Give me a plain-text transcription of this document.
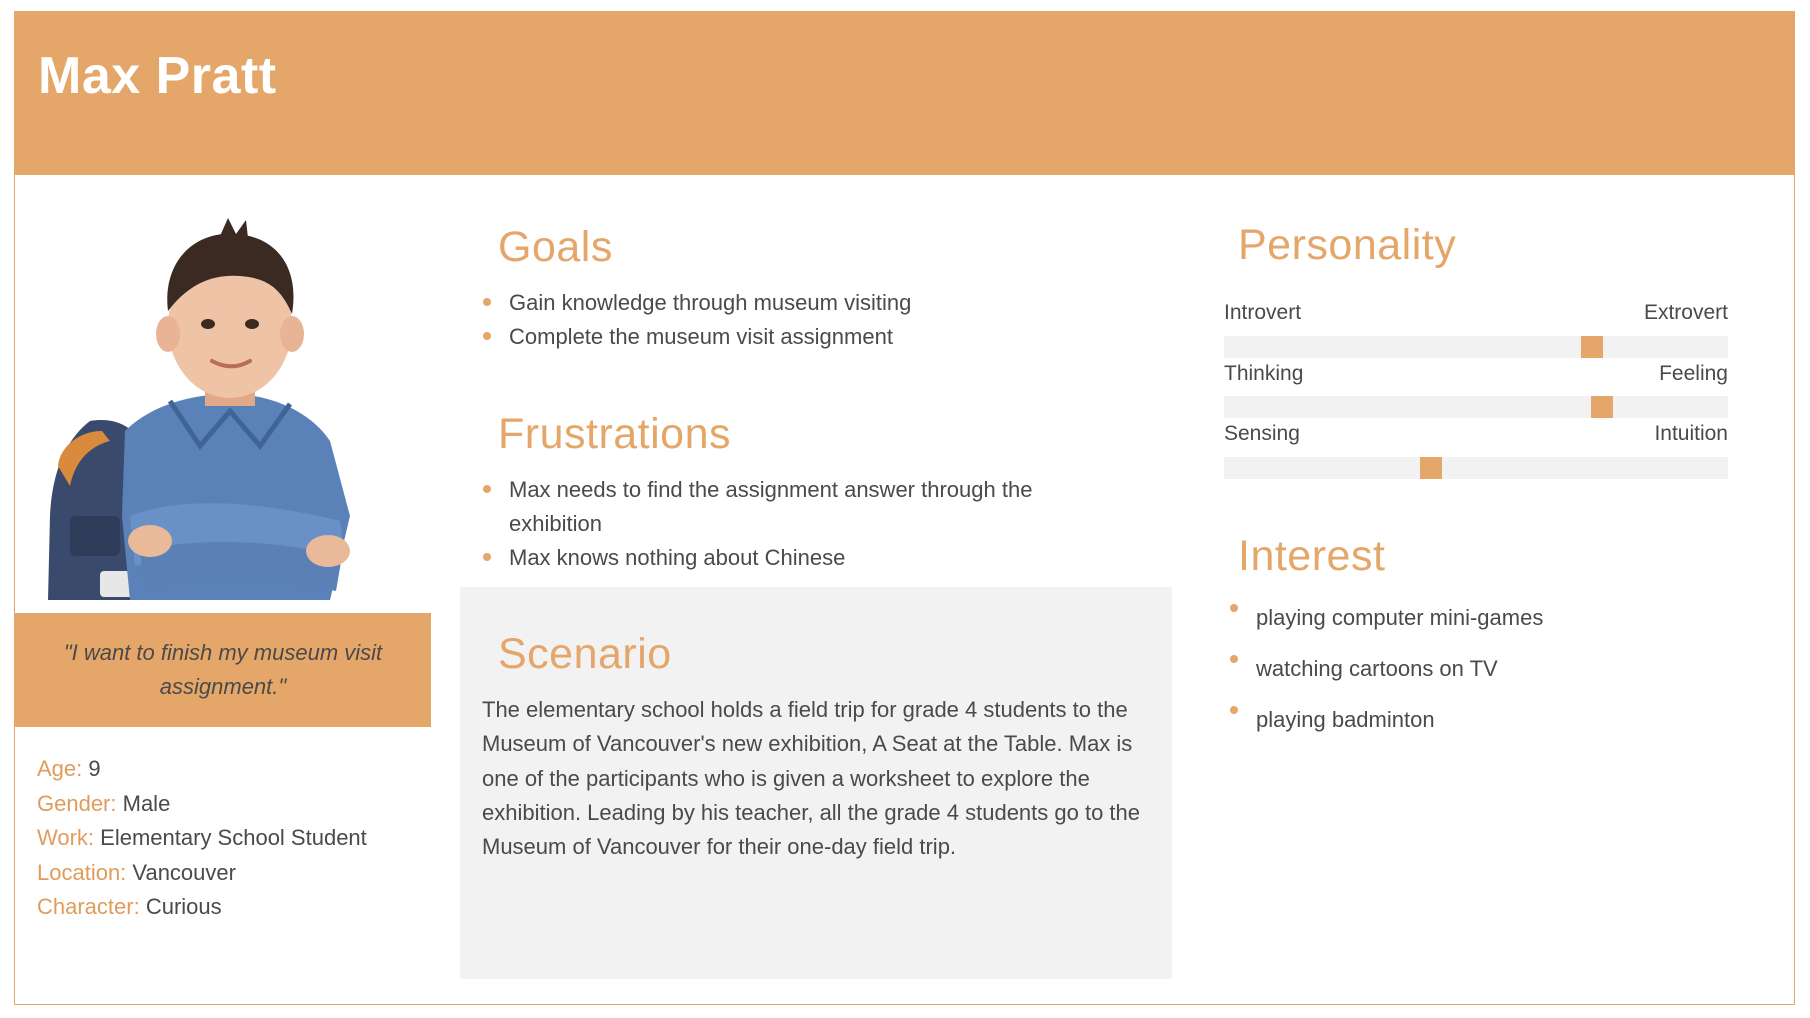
Max Pratt

"I want to finish my museum visit assignment."

Age: 9
Gender: Male
Work: Elementary School Student
Location: Vancouver
Character: Curious
Goals
Gain knowledge through museum visiting
Complete the museum visit assignment
Frustrations
Max needs to find the assignment answer through the exhibition
Max knows nothing about Chinese
Scenario

The elementary school holds a field trip for grade 4 students to the Museum of Vancouver's new exhibition, A Seat at the Table. Max is one of the participants who is given a worksheet to explore the exhibition. Leading by his teacher, all the grade 4 students go to the Museum of Vancouver for their one-day field trip.

Personality
Introvert	Extrovert
Thinking	Feeling
Sensing	Intuition
Interest
playing computer mini-games
watching cartoons on TV
playing badminton
